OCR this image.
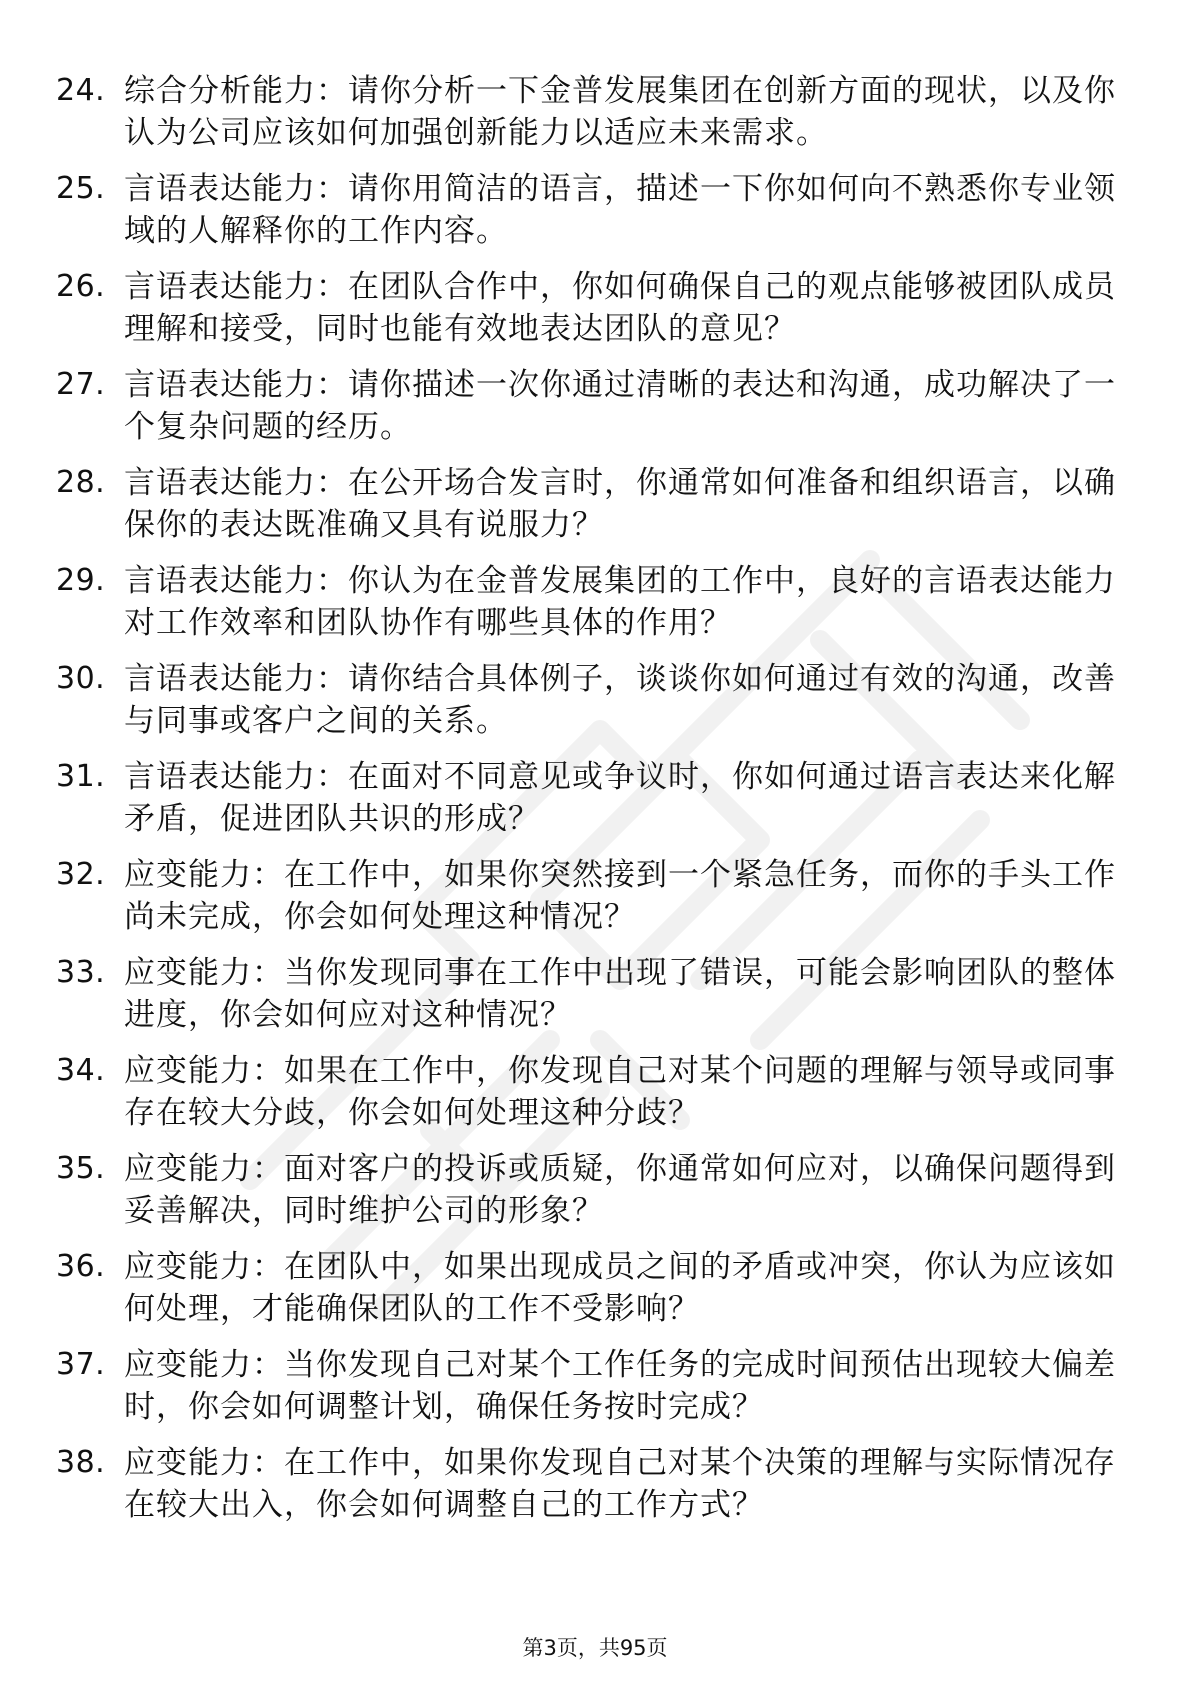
24. 综合分析能力：请你分析一下金普发展集团在创新方面的现状，以及你认为公司应该如何加强创新能力以适应未来需求。
25. 言语表达能力：请你用简洁的语言，描述一下你如何向不熟悉你专业领域的人解释你的工作内容。
26. 言语表达能力：在团队合作中，你如何确保自己的观点能够被团队成员理解和接受，同时也能有效地表达团队的意见？
27. 言语表达能力：请你描述一次你通过清晰的表达和沟通，成功解决了一个复杂问题的经历。
28. 言语表达能力：在公开场合发言时，你通常如何准备和组织语言，以确保你的表达既准确又具有说服力？
29. 言语表达能力：你认为在金普发展集团的工作中，良好的言语表达能力对工作效率和团队协作有哪些具体的作用？
30. 言语表达能力：请你结合具体例子，谈谈你如何通过有效的沟通，改善与同事或客户之间的关系。
31. 言语表达能力：在面对不同意见或争议时，你如何通过语言表达来化解矛盾，促进团队共识的形成？
32. 应变能力：在工作中，如果你突然接到一个紧急任务，而你的手头工作尚未完成，你会如何处理这种情况？
33. 应变能力：当你发现同事在工作中出现了错误，可能会影响团队的整体进度，你会如何应对这种情况？
34. 应变能力：如果在工作中，你发现自己对某个问题的理解与领导或同事存在较大分歧，你会如何处理这种分歧？
35. 应变能力：面对客户的投诉或质疑，你通常如何应对，以确保问题得到妥善解决，同时维护公司的形象？
36. 应变能力：在团队中，如果出现成员之间的矛盾或冲突，你认为应该如何处理，才能确保团队的工作不受影响？
37. 应变能力：当你发现自己对某个工作任务的完成时间预估出现较大偏差时，你会如何调整计划，确保任务按时完成？
38. 应变能力：在工作中，如果你发现自己对某个决策的理解与实际情况存在较大出入，你会如何调整自己的工作方式？
第3页，共95页
